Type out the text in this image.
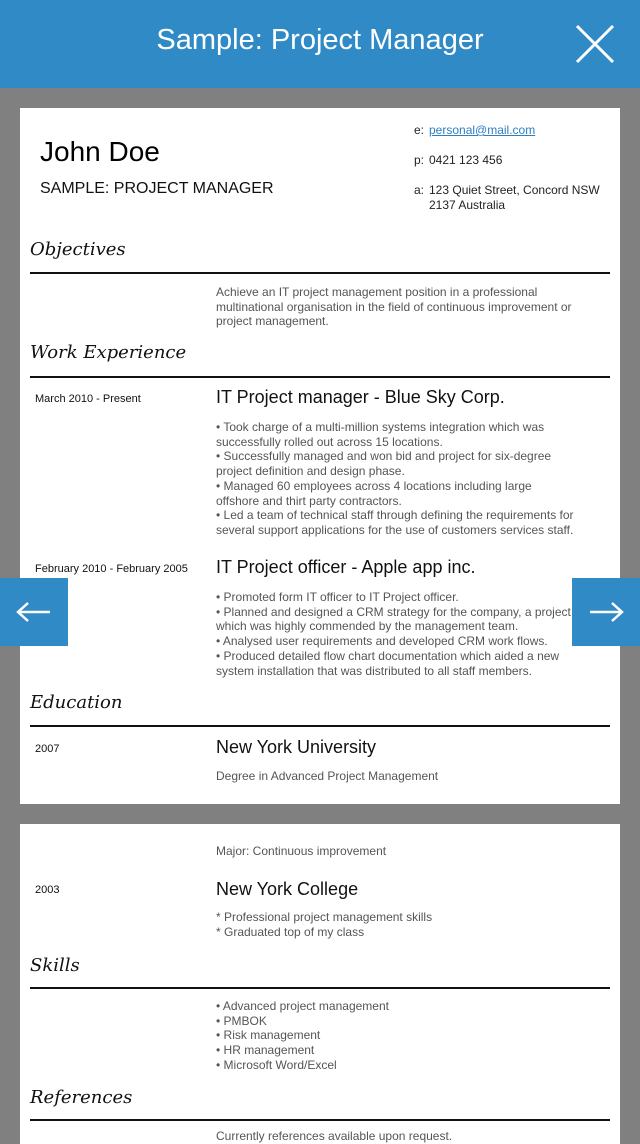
Sample: Project Manager
John Doe
SAMPLE: PROJECT MANAGER
e: personal@mail.com
p: 0421 123 456
a: 123 Quiet Street, Concord NSW
2137 Australia
Objectives
Achieve an IT project management position in a professional
multinational organisation in the field of continuous improvement or
project management.
Work Experience
March 2010 - Present	IT Project manager - Blue Sky Corp.
• Took charge of a multi-million systems integration which was
successfully rolled out across 15 locations.
• Successfully managed and won bid and project for six-degree
project definition and design phase.
• Managed 60 employees across 4 locations including large
offshore and thirt party contractors.
• Led a team of technical staff through defining the requirements for
several support applications for the use of customers services staff.
February 2010 - February 2005 IT Project officer - Apple app inc.
• Promoted form IT officer to IT Project officer.
• Planned and designed a CRM strategy for the company, a project
which was highly commended by the management team.
• Analysed user requirements and developed CRM work flows.
• Produced detailed flow chart documentation which aided a new
system installation that was distributed to all staff members.
Education
2007	New York University
Degree in Advanced Project Management
Major: Continuous improvement
2003	New York College
* Professional project management skills
* Graduated top of my class
Skills
• Advanced project management
• PMBOK
• Risk management
• HR management
• Microsoft Word/Excel
References
Currently references available upon request.
